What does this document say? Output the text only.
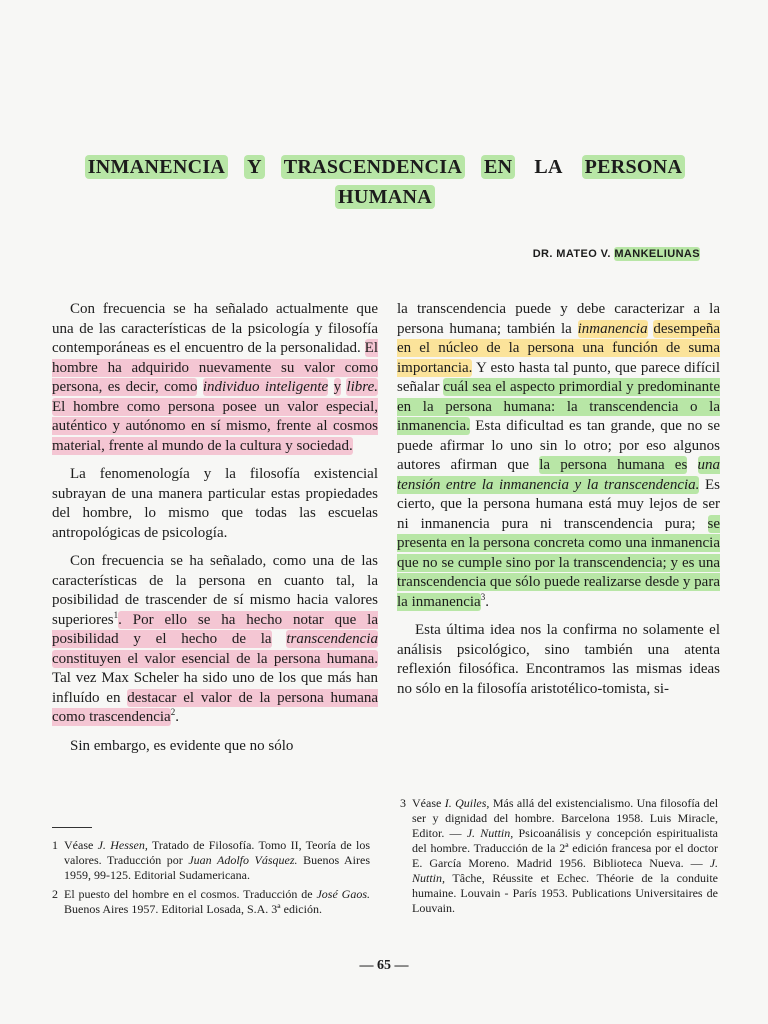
INMANENCIA Y TRASCENDENCIA EN LA PERSONA
HUMANA
DR. MATEO V. MANKELIUNAS

Con frecuencia se ha señalado actualmente que una de las características de la psicología y filosofía contemporáneas es el encuentro de la personalidad. El hombre ha adquirido nuevamente su valor como persona, es decir, como individuo inteligente y libre. El hombre como persona posee un valor especial, auténtico y autónomo en sí mismo, frente al cosmos material, frente al mundo de la cultura y sociedad.

La fenomenología y la filosofía existencial subrayan de una manera particular estas propiedades del hombre, lo mismo que todas las escuelas antropológicas de psicología.

Con frecuencia se ha señalado, como una de las características de la persona en cuanto tal, la posibilidad de trascender de sí mismo hacia valores superiores$^1$. Por ello se ha hecho notar que la posibilidad y el hecho de la transcendencia constituyen el valor esencial de la persona humana. Tal vez Max Scheler ha sido uno de los que más han influído en destacar el valor de la persona humana como trascendencia$^2$.

Sin embargo, es evidente que no sólo

la transcendencia puede y debe caracterizar a la persona humana; también la inmanencia desempeña en el núcleo de la persona una función de suma importancia. Y esto hasta tal punto, que parece difícil señalar cuál sea el aspecto primordial y predominante en la persona humana: la transcendencia o la inmanencia. Esta dificultad es tan grande, que no se puede afirmar lo uno sin lo otro; por eso algunos autores afirman que la persona humana es una tensión entre la inmanencia y la transcendencia. Es cierto, que la persona humana está muy lejos de ser ni inmanencia pura ni transcendencia pura; se presenta en la persona concreta como una inmanencia que no se cumple sino por la transcendencia; y es una transcendencia que sólo puede realizarse desde y para la inmanencia$^3$.

Esta última idea nos la confirma no solamente el análisis psicológico, sino también una atenta reflexión filosófica. Encontramos las mismas ideas no sólo en la filosofía aristotélico-tomista, si-

1 Véase J. Hessen, Tratado de Filosofía. Tomo II, Teoría de los valores. Traducción por Juan Adolfo Vásquez. Buenos Aires 1959, 99-125. Editorial Sudamericana.
2 El puesto del hombre en el cosmos. Traducción de José Gaos. Buenos Aires 1957. Editorial Losada, S.A. 3ª edición.
3 Véase I. Quiles, Más allá del existencialismo. Una filosofía del ser y dignidad del hombre. Barcelona 1958. Luis Miracle, Editor. — J. Nuttin, Psicoanálisis y concepción espiritualista del hombre. Traducción de la 2ª edición francesa por el doctor E. García Moreno. Madrid 1956. Biblioteca Nueva. — J. Nuttin, Tâche, Réussite et Echec. Théorie de la conduite humaine. Louvain - París 1953. Publications Universitaires de Louvain.
— 65 —
